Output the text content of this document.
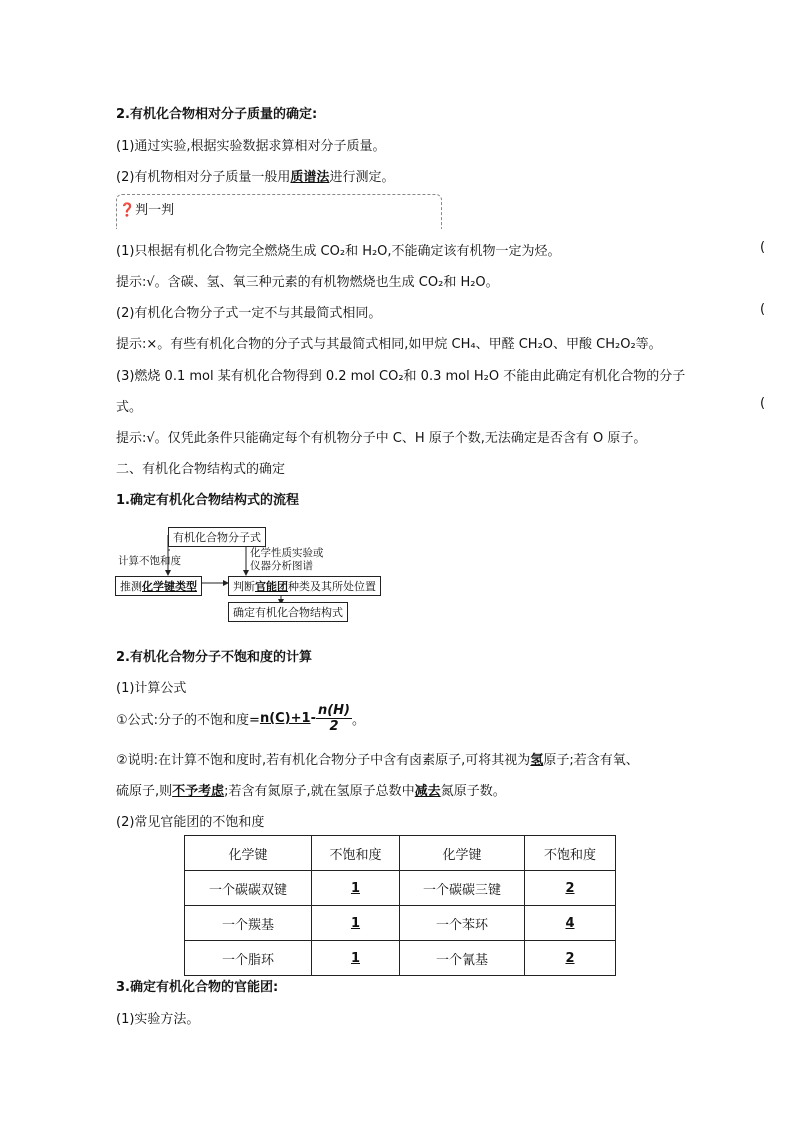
2.有机化合物相对分子质量的确定:
(1)通过实验,根据实验数据求算相对分子质量。
(2)有机物相对分子质量一般用质谱法进行测定。
❓判一判
(1)只根据有机化合物完全燃烧生成 CO₂和 H₂O,不能确定该有机物一定为烃。	(
提示:√。含碳、氢、氧三种元素的有机物燃烧也生成 CO₂和 H₂O。
(2)有机化合物分子式一定不与其最简式相同。	(
提示:×。有些有机化合物的分子式与其最简式相同,如甲烷 CH₄、甲醛 CH₂O、甲酸 CH₂O₂等。
(3)燃烧 0.1 mol 某有机化合物得到 0.2 mol CO₂和 0.3 mol H₂O 不能由此确定有机化合物的分子
式。	(
提示:√。仅凭此条件只能确定每个有机物分子中 C、H 原子个数,无法确定是否含有 O 原子。
二、有机化合物结构式的确定
1.确定有机化合物结构式的流程
有机化合物分子式
计算不饱和度
化学性质实验或
仪器分析图谱
推测化学键类型	判断官能团种类及其所处位置
确定有机化合物结构式
2.有机化合物分子不饱和度的计算
(1)计算公式
①公式:分子的不饱和度= $n(C)+1 - \frac{n(H)}{2}$ 。
②说明:在计算不饱和度时,若有机化合物分子中含有卤素原子,可将其视为氢原子;若含有氧、
硫原子,则不予考虑;若含有氮原子,就在氢原子总数中减去氮原子数。
(2)常见官能团的不饱和度
化学键	不饱和度	化学键	不饱和度
一个碳碳双键	1	一个碳碳三键	2
一个羰基	1	一个苯环	4
一个脂环	1	一个氰基	2
3.确定有机化合物的官能团:
(1)实验方法。
